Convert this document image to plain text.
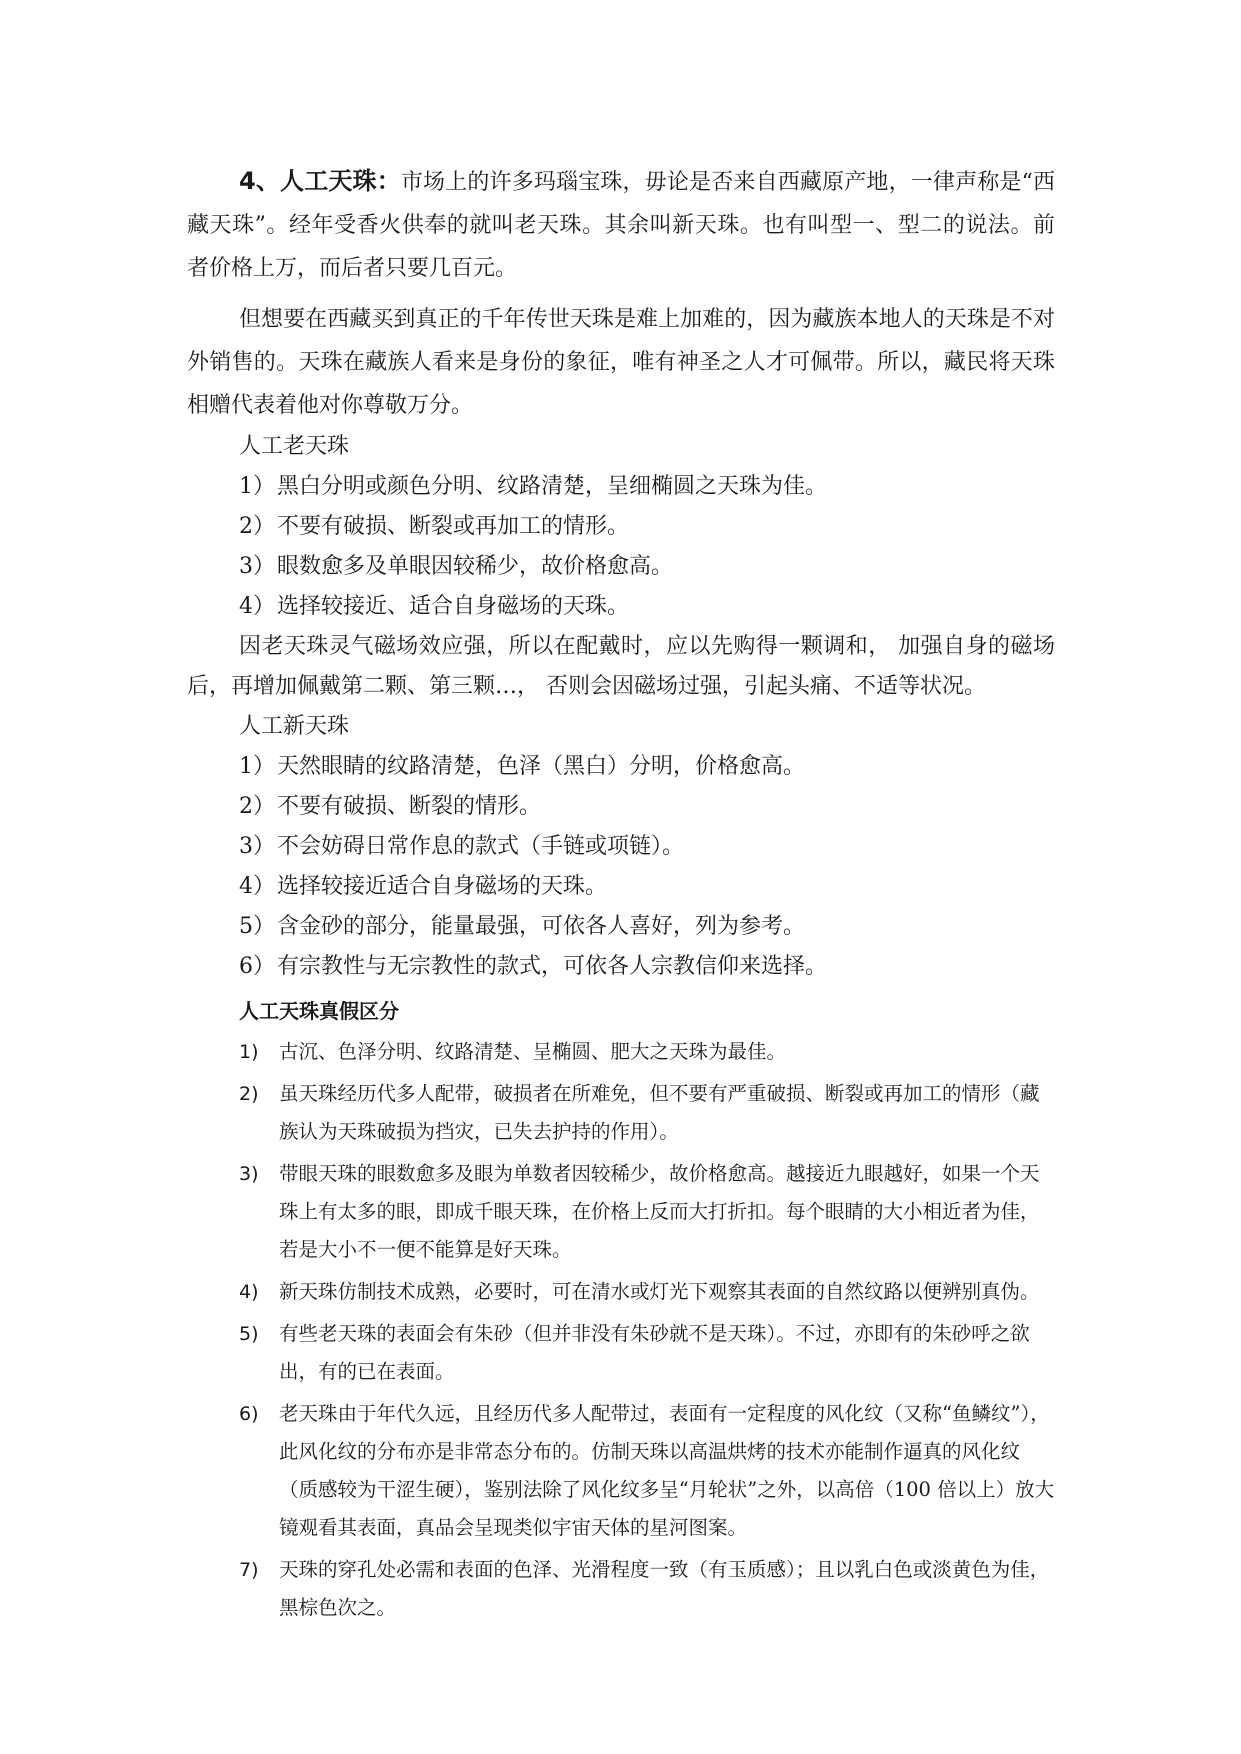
4、人工天珠：市场上的许多玛瑙宝珠，毋论是否来自西藏原产地，一律声称是“西藏天珠”。经年受香火供奉的就叫老天珠。其余叫新天珠。也有叫型一、型二的说法。前者价格上万，而后者只要几百元。

但想要在西藏买到真正的千年传世天珠是难上加难的，因为藏族本地人的天珠是不对外销售的。天珠在藏族人看来是身份的象征，唯有神圣之人才可佩带。所以，藏民将天珠相赠代表着他对你尊敬万分。

人工老天珠

1）黑白分明或颜色分明、纹路清楚，呈细椭圆之天珠为佳。

2）不要有破损、断裂或再加工的情形。

3）眼数愈多及单眼因较稀少，故价格愈高。

4）选择较接近、适合自身磁场的天珠。

因老天珠灵气磁场效应强，所以在配戴时，应以先购得一颗调和， 加强自身的磁场后，再增加佩戴第二颗、第三颗…， 否则会因磁场过强，引起头痛、不适等状况。

人工新天珠

1）天然眼睛的纹路清楚，色泽（黑白）分明，价格愈高。

2）不要有破损、断裂的情形。

3）不会妨碍日常作息的款式（手链或项链）。

4）选择较接近适合自身磁场的天珠。

5）含金砂的部分，能量最强，可依各人喜好，列为参考。

6）有宗教性与无宗教性的款式，可依各人宗教信仰来选择。

人工天珠真假区分

1) 古沉、色泽分明、纹路清楚、呈椭圆、肥大之天珠为最佳。
2) 虽天珠经历代多人配带，破损者在所难免，但不要有严重破损、断裂或再加工的情形（藏族认为天珠破损为挡灾，已失去护持的作用）。
3) 带眼天珠的眼数愈多及眼为单数者因较稀少，故价格愈高。越接近九眼越好，如果一个天珠上有太多的眼，即成千眼天珠，在价格上反而大打折扣。每个眼睛的大小相近者为佳，若是大小不一便不能算是好天珠。
4) 新天珠仿制技术成熟，必要时，可在清水或灯光下观察其表面的自然纹路以便辨别真伪。
5) 有些老天珠的表面会有朱砂（但并非没有朱砂就不是天珠）。不过，亦即有的朱砂呼之欲出，有的已在表面。
6) 老天珠由于年代久远，且经历代多人配带过，表面有一定程度的风化纹（又称“鱼鳞纹”），此风化纹的分布亦是非常态分布的。仿制天珠以高温烘烤的技术亦能制作逼真的风化纹（质感较为干涩生硬），鉴别法除了风化纹多呈“月轮状”之外，以高倍（100 倍以上）放大镜观看其表面，真品会呈现类似宇宙天体的星河图案。
7) 天珠的穿孔处必需和表面的色泽、光滑程度一致（有玉质感）；且以乳白色或淡黄色为佳，黑棕色次之。
